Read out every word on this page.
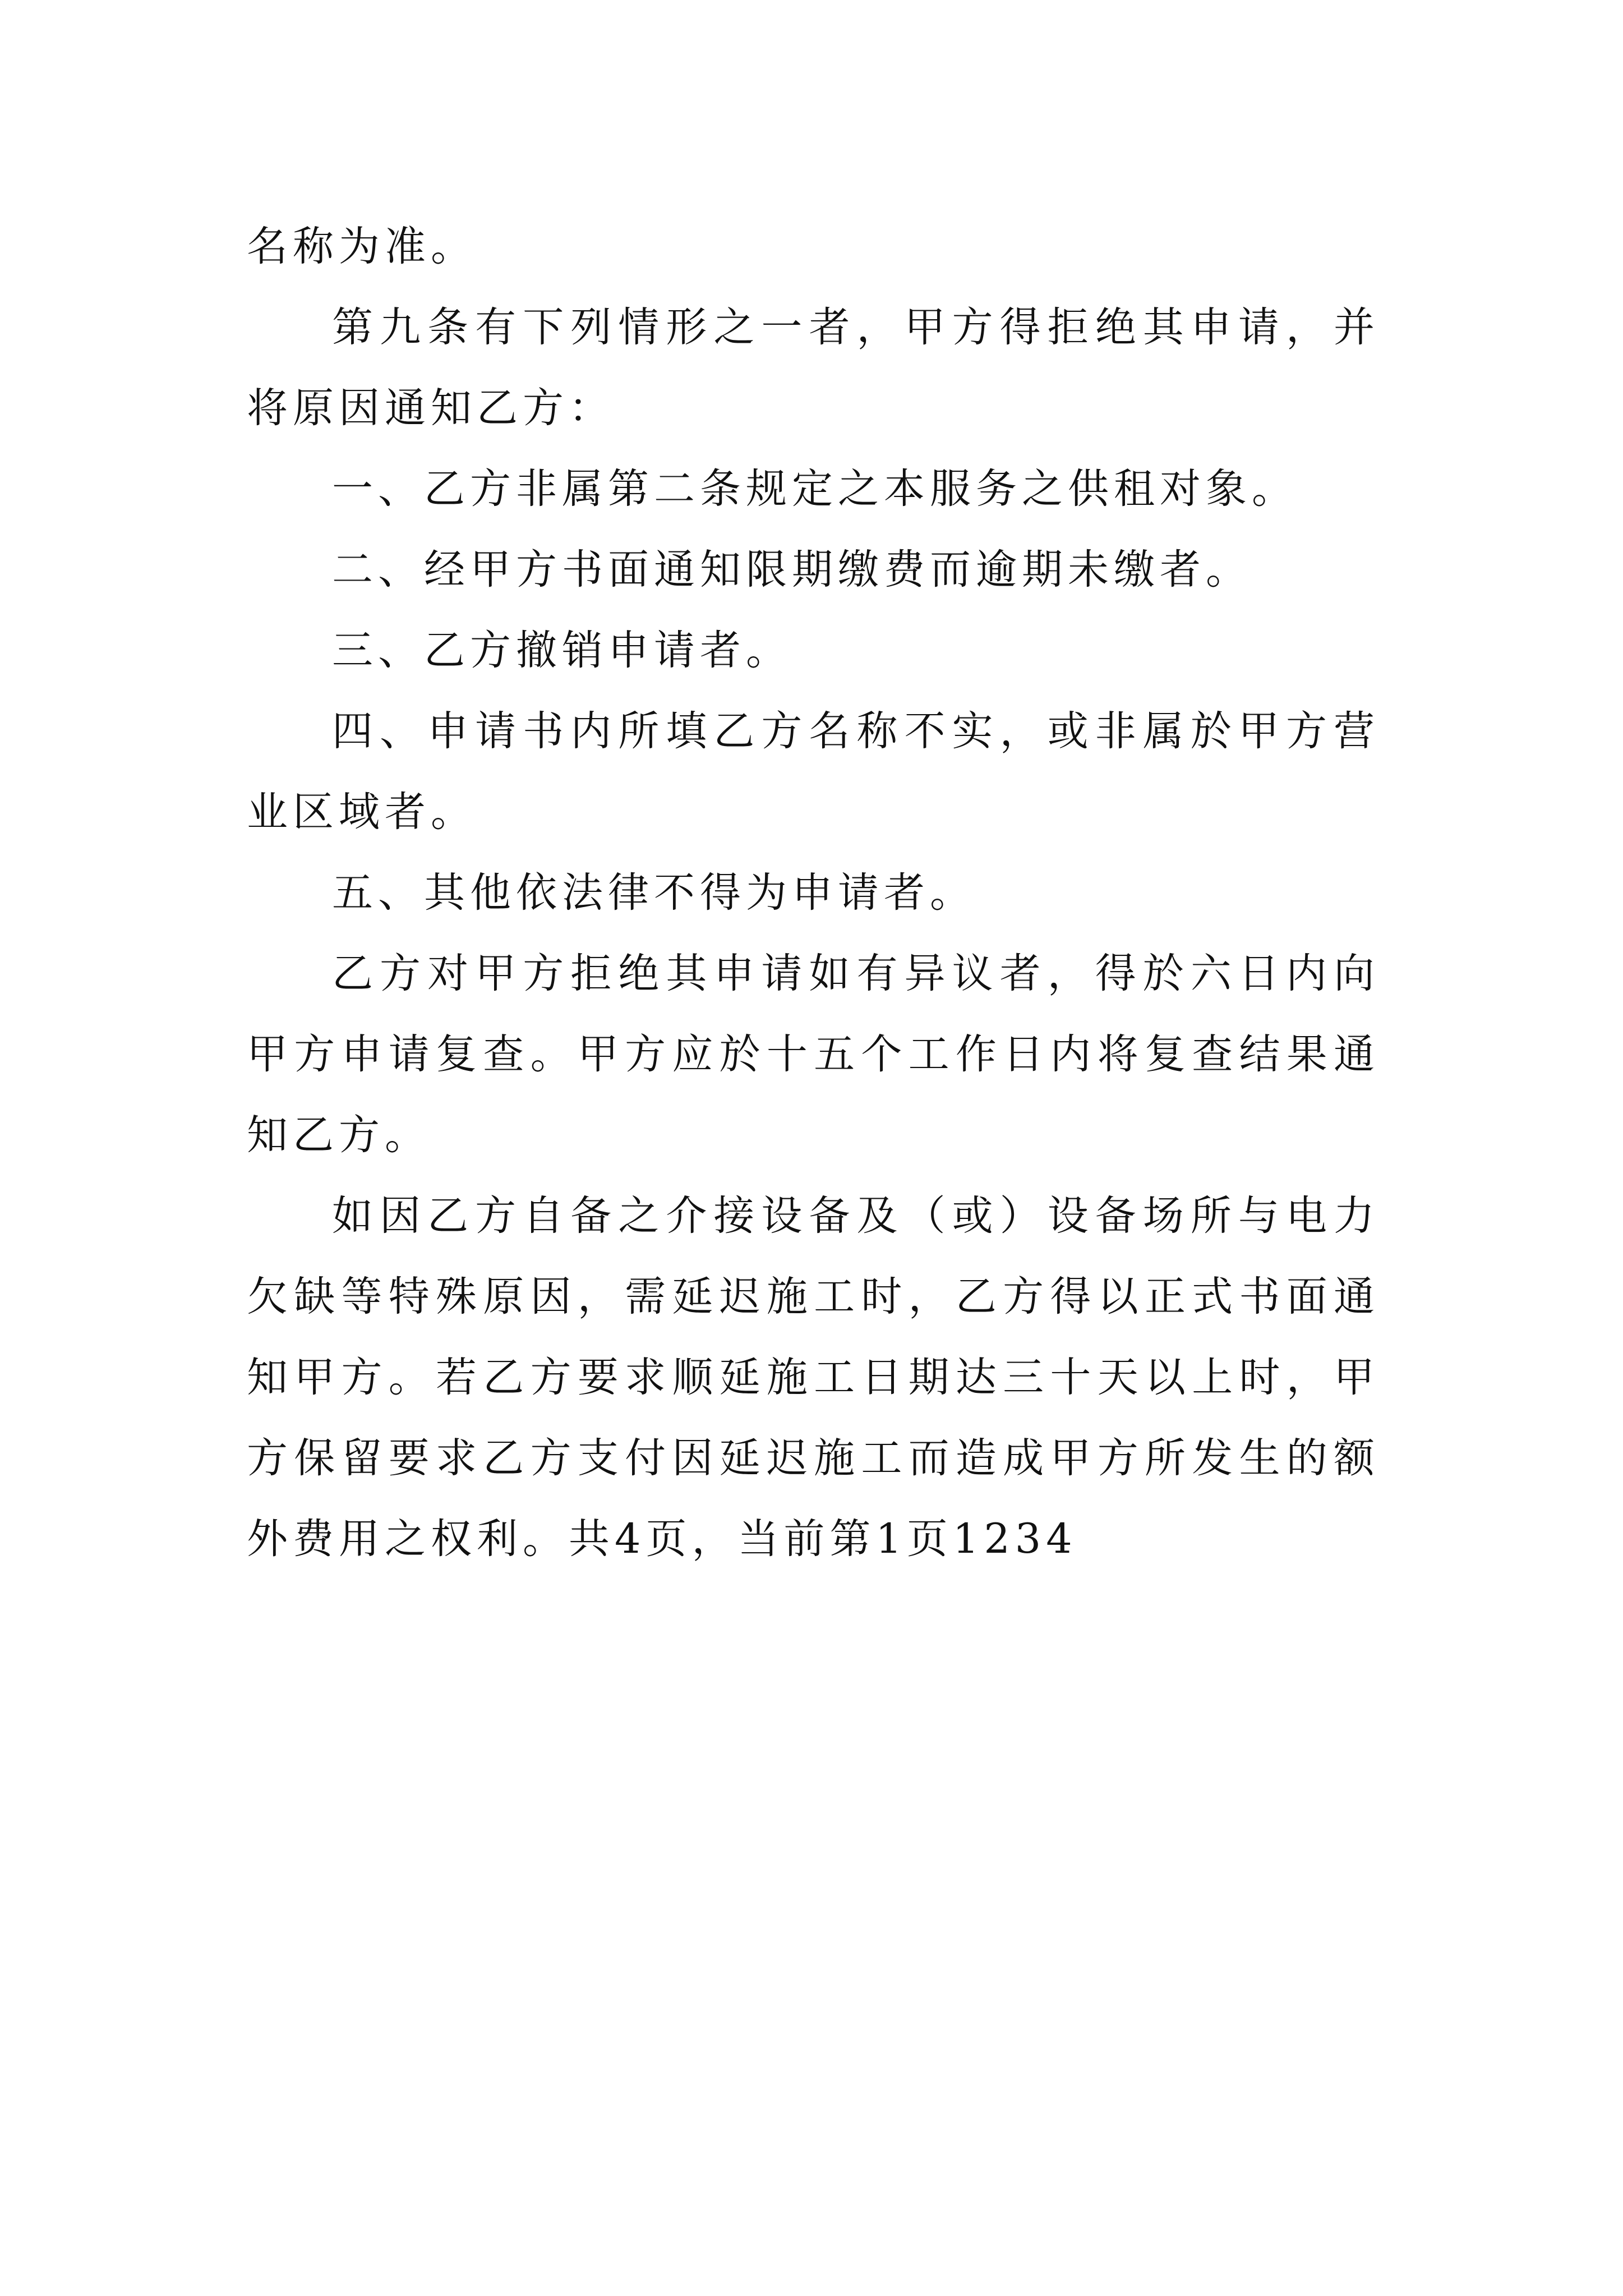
名称为准。

第九条有下列情形之一者，甲方得拒绝其申请，并将原因通知乙方：

一、乙方非属第二条规定之本服务之供租对象。

二、经甲方书面通知限期缴费而逾期未缴者。

三、乙方撤销申请者。

四、申请书内所填乙方名称不实，或非属於甲方营业区域者。

五、其他依法律不得为申请者。

乙方对甲方拒绝其申请如有异议者，得於六日内向甲方申请复查。甲方应於十五个工作日内将复查结果通知乙方。

如因乙方自备之介接设备及（或）设备场所与电力欠缺等特殊原因，需延迟施工时，乙方得以正式书面通知甲方。若乙方要求顺延施工日期达三十天以上时，甲方保留要求乙方支付因延迟施工而造成甲方所发生的额外费用之权利。共4页，当前第1页1234
